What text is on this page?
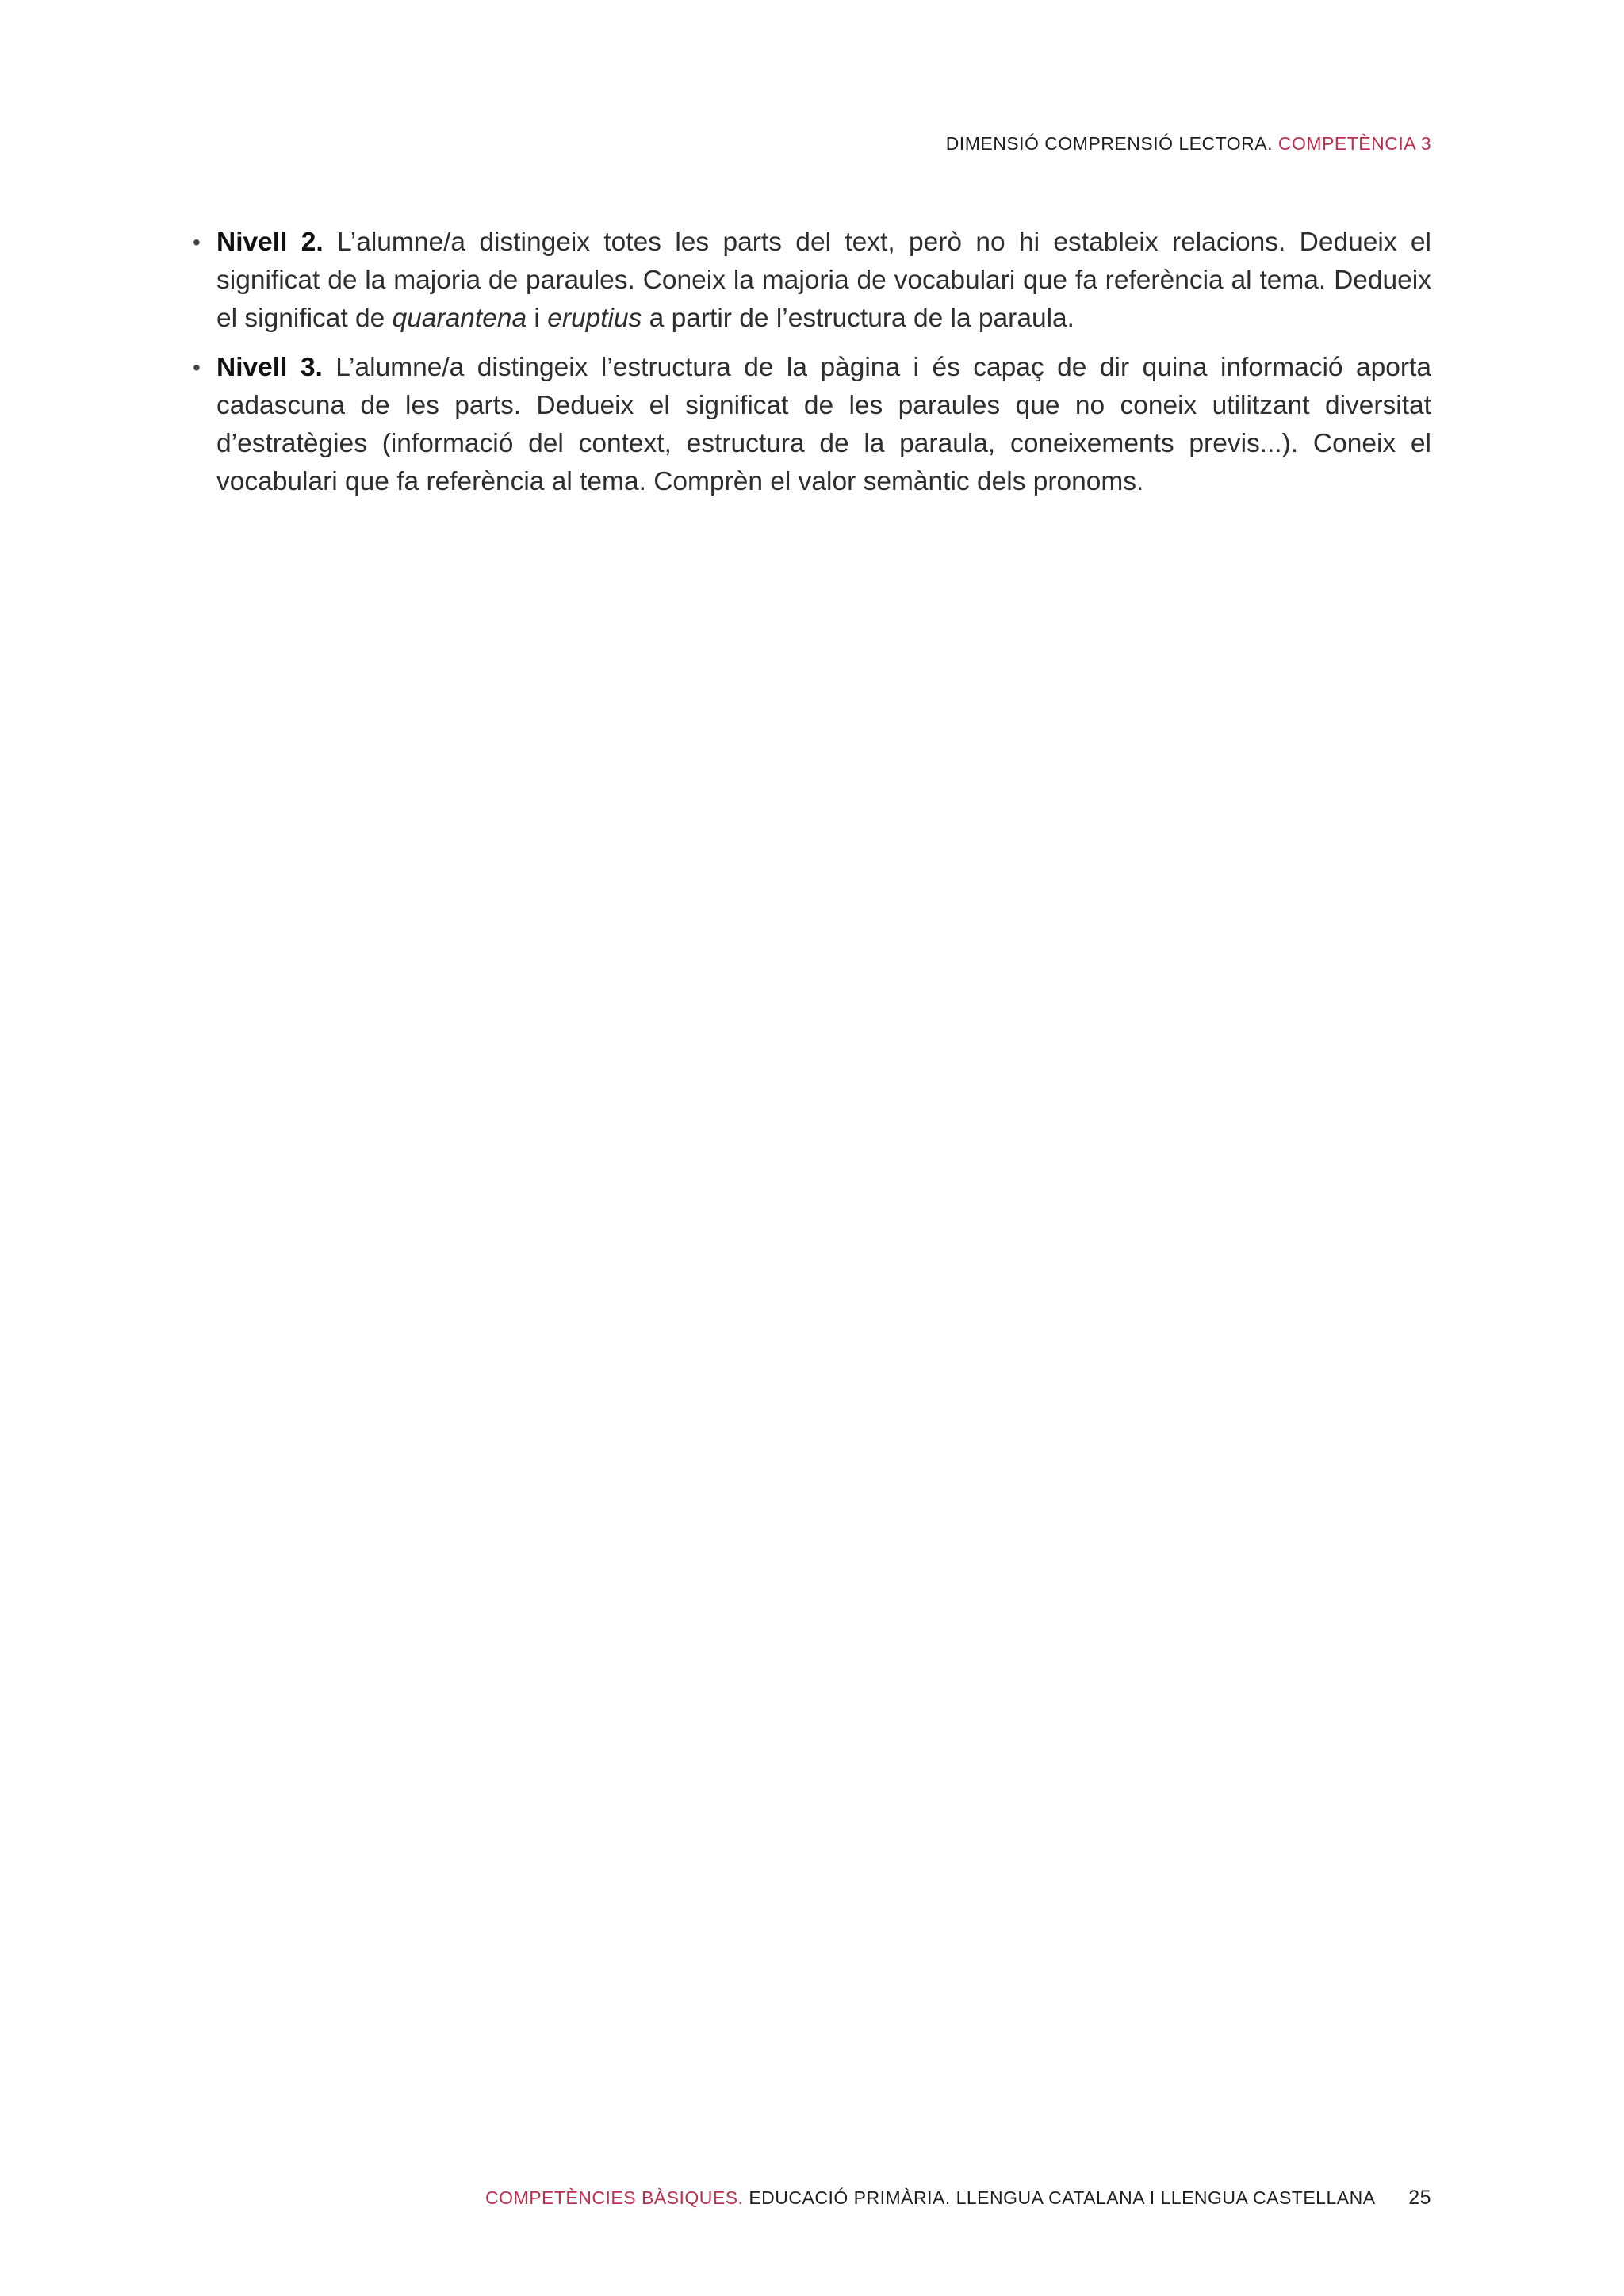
DIMENSIÓ COMPRENSIÓ LECTORA. COMPETÈNCIA 3
• Nivell 2. L’alumne/a distingeix totes les parts del text, però no hi estableix relacions. Dedueix el significat de la majoria de paraules. Coneix la majoria de vocabulari que fa referència al tema. Dedueix el significat de quarantena i eruptius a partir de l’estructura de la paraula.
• Nivell 3. L’alumne/a distingeix l’estructura de la pàgina i és capaç de dir quina informació aporta cadascuna de les parts. Dedueix el significat de les paraules que no coneix utilitzant diversitat d’estratègies (informació del context, estructura de la paraula, coneixements previs...). Coneix el vocabulari que fa referència al tema. Comprèn el valor semàntic dels pronoms.
COMPETÈNCIES BÀSIQUES. EDUCACIÓ PRIMÀRIA. LLENGUA CATALANA I LLENGUA CASTELLANA 25
